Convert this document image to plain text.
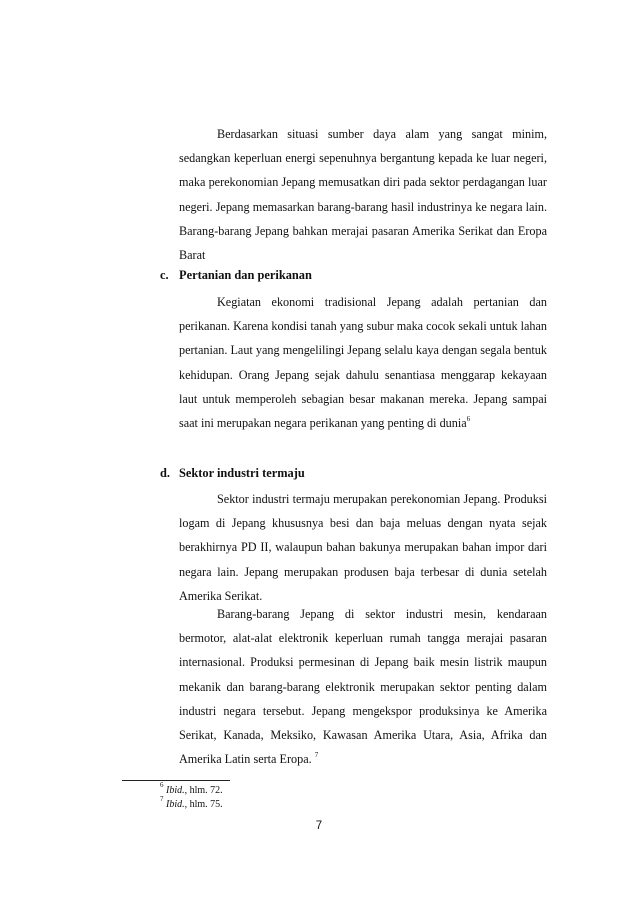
Berdasarkan situasi sumber daya alam yang sangat minim, sedangkan keperluan energi sepenuhnya bergantung kepada ke luar negeri, maka perekonomian Jepang memusatkan diri pada sektor perdagangan luar negeri. Jepang memasarkan barang-barang hasil industrinya ke negara lain. Barang-barang Jepang bahkan merajai pasaran Amerika Serikat dan Eropa Barat

c. Pertanian dan perikanan

Kegiatan ekonomi tradisional Jepang adalah pertanian dan perikanan. Karena kondisi tanah yang subur maka cocok sekali untuk lahan pertanian. Laut yang mengelilingi Jepang selalu kaya dengan segala bentuk kehidupan. Orang Jepang sejak dahulu senantiasa menggarap kekayaan laut untuk memperoleh sebagian besar makanan mereka. Jepang sampai saat ini merupakan negara perikanan yang penting di dunia$^6$

d. Sektor industri termaju

Sektor industri termaju merupakan perekonomian Jepang. Produksi logam di Jepang khususnya besi dan baja meluas dengan nyata sejak berakhirnya PD II, walaupun bahan bakunya merupakan bahan impor dari negara lain. Jepang merupakan produsen baja terbesar di dunia setelah Amerika Serikat.

Barang-barang Jepang di sektor industri mesin, kendaraan bermotor, alat-alat elektronik keperluan rumah tangga merajai pasaran internasional. Produksi permesinan di Jepang baik mesin listrik maupun mekanik dan barang-barang elektronik merupakan sektor penting dalam industri negara tersebut. Jepang mengekspor produksinya ke Amerika Serikat, Kanada, Meksiko, Kawasan Amerika Utara, Asia, Afrika dan Amerika Latin serta Eropa. $^7$

$^6$ Ibid., hlm. 72.

$^7$ Ibid., hlm. 75.

7
